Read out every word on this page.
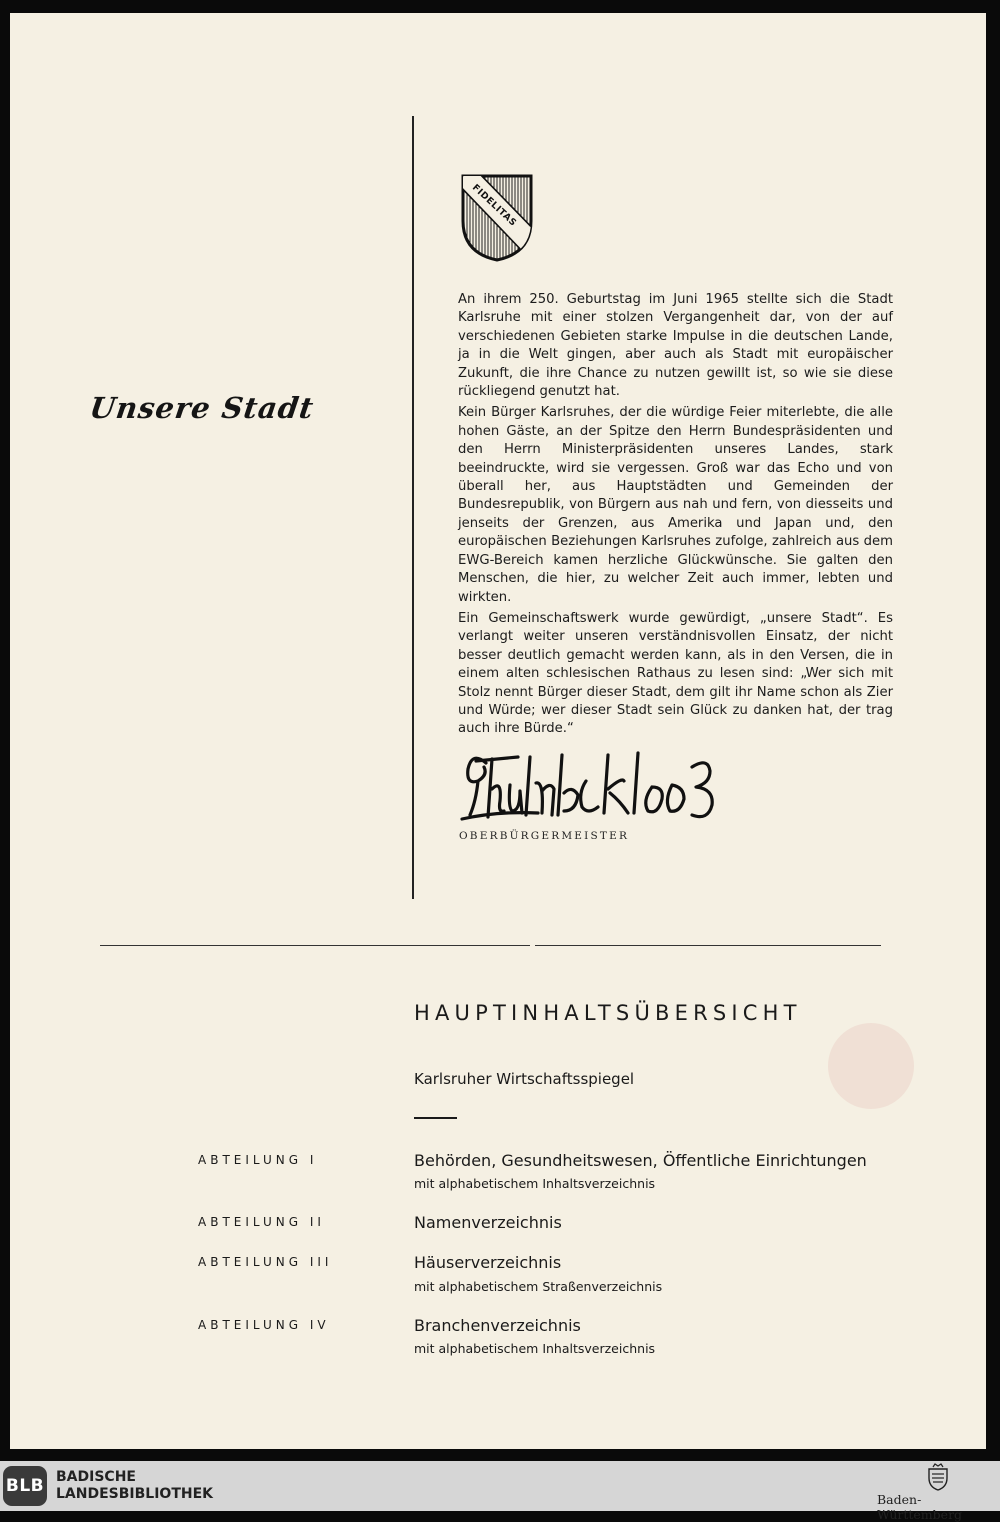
Unsere Stadt
FIDELITAS

An ihrem 250. Geburtstag im Juni 1965 stellte sich die Stadt Karlsruhe mit einer stolzen Vergangenheit dar, von der auf verschiedenen Gebieten starke Impulse in die deutschen Lande, ja in die Welt gingen, aber auch als Stadt mit europäischer Zukunft, die ihre Chance zu nutzen gewillt ist, so wie sie diese rückliegend genutzt hat.

Kein Bürger Karlsruhes, der die würdige Feier miterlebte, die alle hohen Gäste, an der Spitze den Herrn Bundespräsidenten und den Herrn Ministerpräsidenten unseres Landes, stark beeindruckte, wird sie vergessen. Groß war das Echo und von überall her, aus Hauptstädten und Gemeinden der Bundesrepublik, von Bürgern aus nah und fern, von diesseits und jenseits der Grenzen, aus Amerika und Japan und, den europäischen Beziehungen Karlsruhes zufolge, zahlreich aus dem EWG-Bereich kamen herzliche Glückwünsche. Sie galten den Menschen, die hier, zu welcher Zeit auch immer, lebten und wirkten.

Ein Gemeinschaftswerk wurde gewürdigt, „unsere Stadt“. Es verlangt weiter unseren verständnisvollen Einsatz, der nicht besser deutlich gemacht werden kann, als in den Versen, die in einem alten schlesischen Rathaus zu lesen sind: „Wer sich mit Stolz nennt Bürger dieser Stadt, dem gilt ihr Name schon als Zier und Würde; wer dieser Stadt sein Glück zu danken hat, der trag auch ihre Bürde.“

OBERBÜRGERMEISTER
HAUPTINHALTSÜBERSICHT
Karlsruher Wirtschaftsspiegel
ABTEILUNG I	Behörden, Gesundheitswesen, Öffentliche Einrichtungen
mit alphabetischem Inhaltsverzeichnis
ABTEILUNG II	Namenverzeichnis
ABTEILUNG III	Häuserverzeichnis
mit alphabetischem Straßenverzeichnis
ABTEILUNG IV	Branchenverzeichnis
mit alphabetischem Inhaltsverzeichnis
BLB BADISCHE
LANDESBIBLIOTHEK	Baden-Württemberg
